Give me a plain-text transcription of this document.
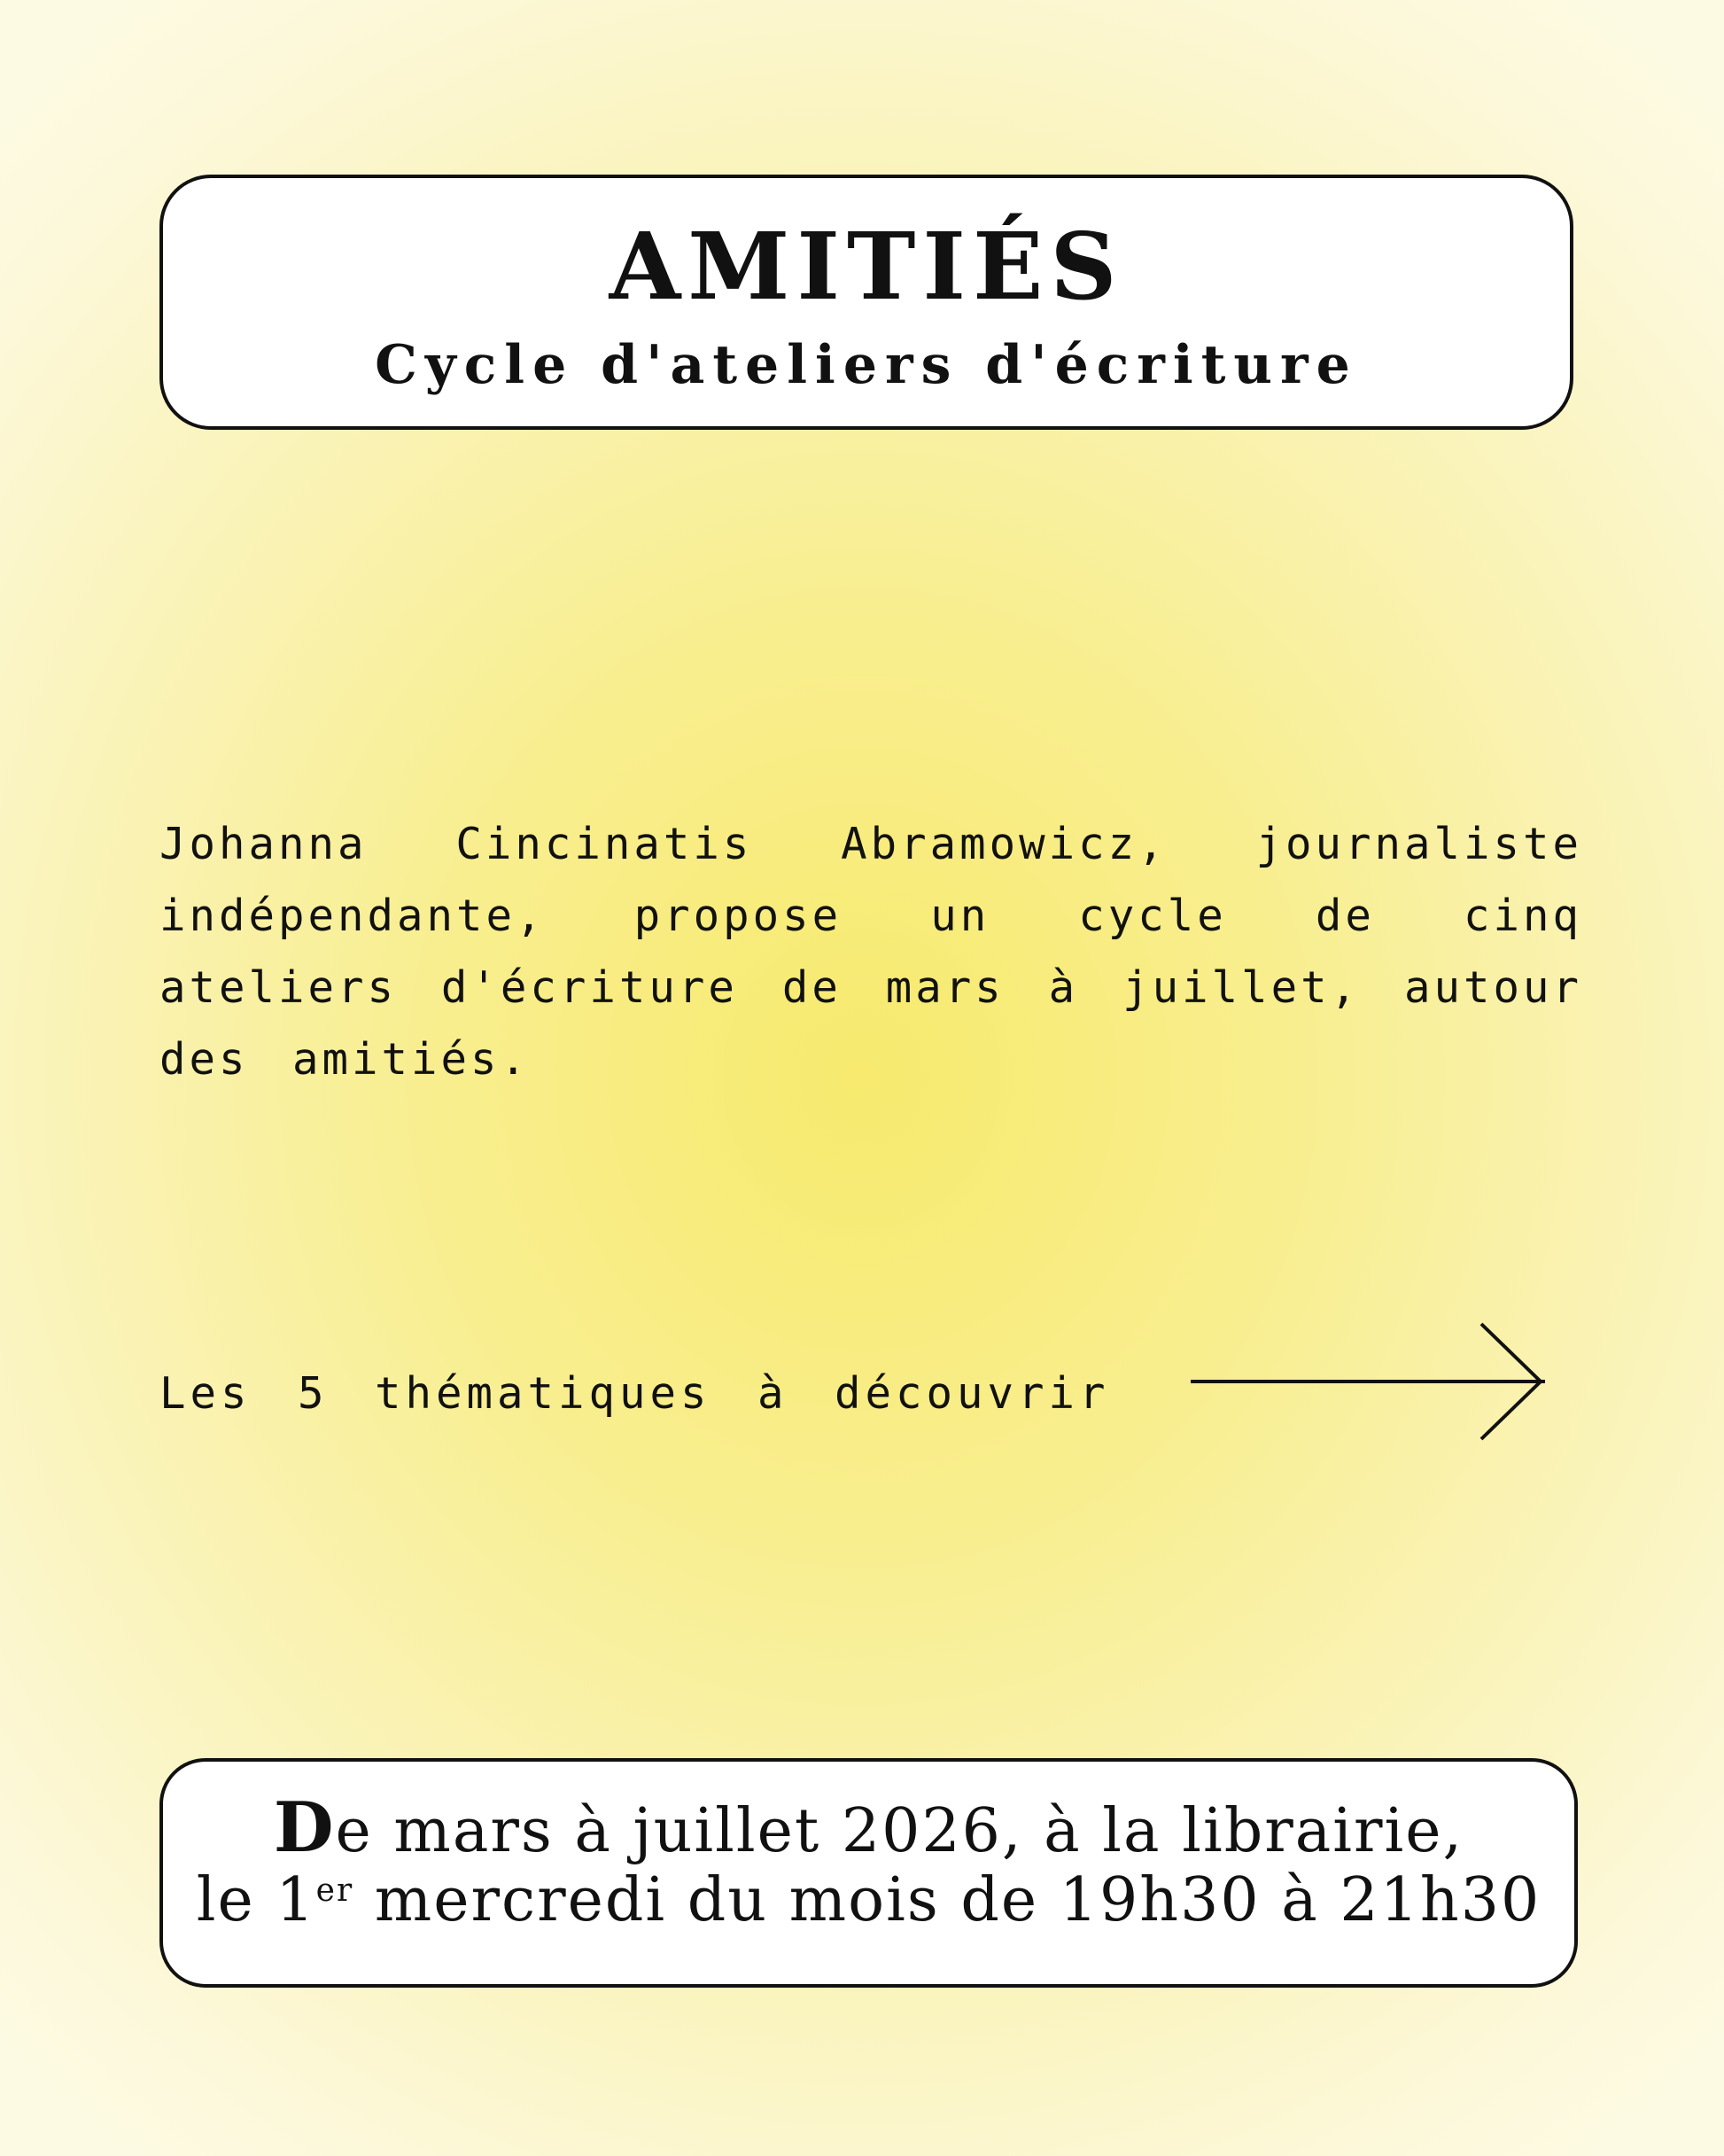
AMITIÉS
Cycle d'ateliers d'écriture

Johanna Cincinatis Abramowicz, journaliste indépendante, propose un cycle de cinq ateliers d'écriture de mars à juillet, autour des amitiés.

Les 5 thématiques à découvrir
De mars à juillet 2026, à la librairie,
le 1er mercredi du mois de 19h30 à 21h30
